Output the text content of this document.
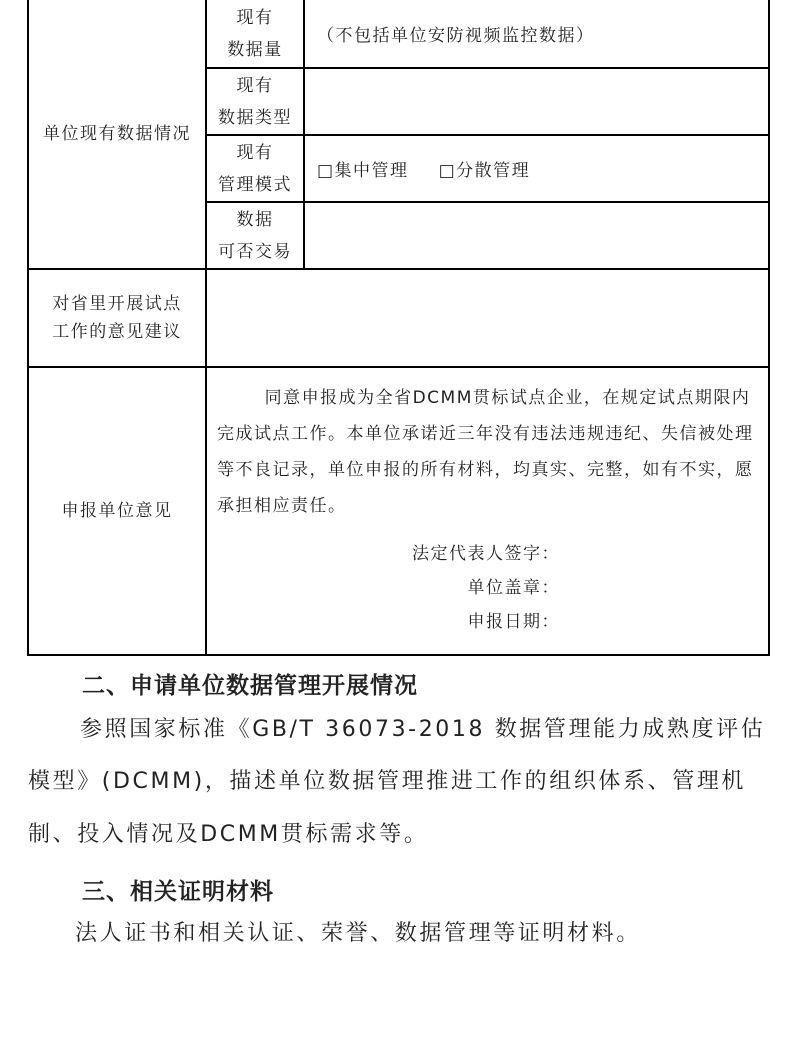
单位现有数据情况	现有
数据量	（不包括单位安防视频监控数据）

	现有
数据类型	

	现有
管理模式	□集中管理 □分散管理

	数据
可否交易	

对省里开展试点
工作的意见建议		

申报单位意见	同意申报成为全省DCMM贯标试点企业，在规定试点期限内完成试点工作。本单位承诺近三年没有违法违规违纪、失信被处理等不良记录，单位申报的所有材料，均真实、完整，如有不实，愿承担相应责任。
法定代表人签字：
单位盖章：
申报日期：	
二、申请单位数据管理开展情况
参照国家标准《GB/T 36073-2018 数据管理能力成熟度评估
模型》(DCMM)，描述单位数据管理推进工作的组织体系、管理机
制、投入情况及DCMM贯标需求等。
三、相关证明材料
法人证书和相关认证、荣誉、数据管理等证明材料。
